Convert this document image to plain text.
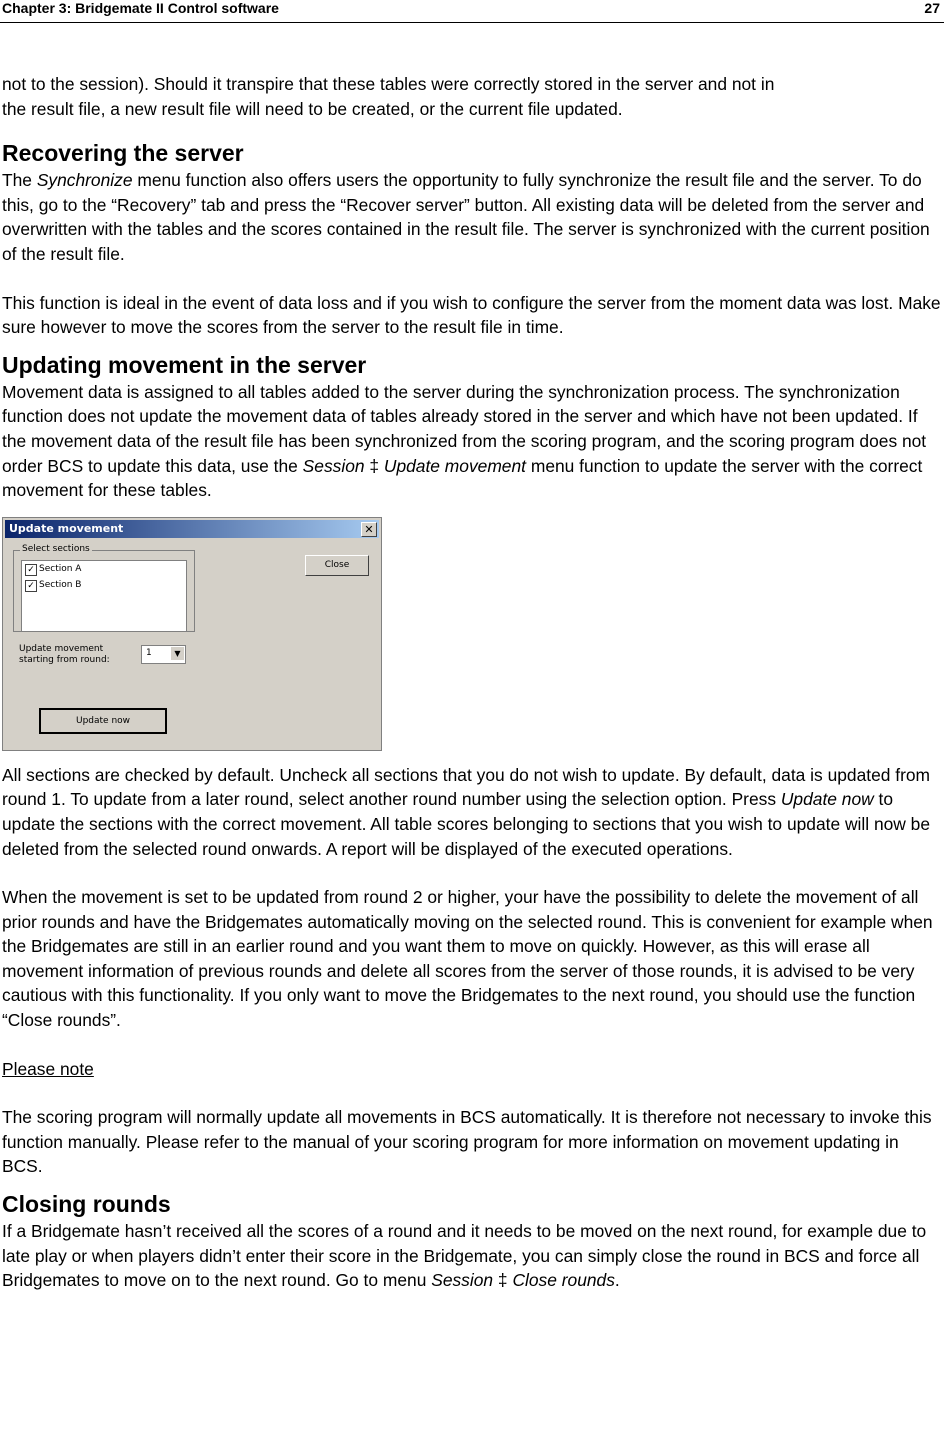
Chapter 3: Bridgemate II Control software	27

not to the session). Should it transpire that these tables were correctly stored in the server and not in
the result file, a new result file will need to be created, or the current file updated.

Recovering the server

The Synchronize menu function also offers users the opportunity to fully synchronize the result file and the server. To do this, go to the “Recovery” tab and press the “Recover server” button. All existing data will be deleted from the server and overwritten with the tables and the scores contained in the result file. The server is synchronized with the current position of the result file.

This function is ideal in the event of data loss and if you wish to configure the server from the moment data was lost. Make sure however to move the scores from the server to the result file in time.

Updating movement in the server

Movement data is assigned to all tables added to the server during the synchronization process. The synchronization function does not update the movement data of tables already stored in the server and which have not been updated. If the movement data of the result file has been synchronized from the scoring program, and the scoring program does not order BCS to update this data, use the Session ‡ Update movement menu function to update the server with the correct movement for these tables.

Update movement	✕
Select sections
✓ Section A
✓ Section B
Close
Update movement starting from round:
1	▼
Update now

All sections are checked by default. Uncheck all sections that you do not wish to update. By default, data is updated from round 1. To update from a later round, select another round number using the selection option. Press Update now to update the sections with the correct movement. All table scores belonging to sections that you wish to update will now be deleted from the selected round onwards. A report will be displayed of the executed operations.

When the movement is set to be updated from round 2 or higher, your have the possibility to delete the movement of all prior rounds and have the Bridgemates automatically moving on the selected round. This is convenient for example when the Bridgemates are still in an earlier round and you want them to move on quickly. However, as this will erase all movement information of previous rounds and delete all scores from the server of those rounds, it is advised to be very cautious with this functionality. If you only want to move the Bridgemates to the next round, you should use the function “Close rounds”.

Please note

The scoring program will normally update all movements in BCS automatically. It is therefore not necessary to invoke this function manually. Please refer to the manual of your scoring program for more information on movement updating in BCS.

Closing rounds

If a Bridgemate hasn’t received all the scores of a round and it needs to be moved on the next round, for example due to late play or when players didn’t enter their score in the Bridgemate, you can simply close the round in BCS and force all Bridgemates to move on to the next round. Go to menu Session ‡ Close rounds.
